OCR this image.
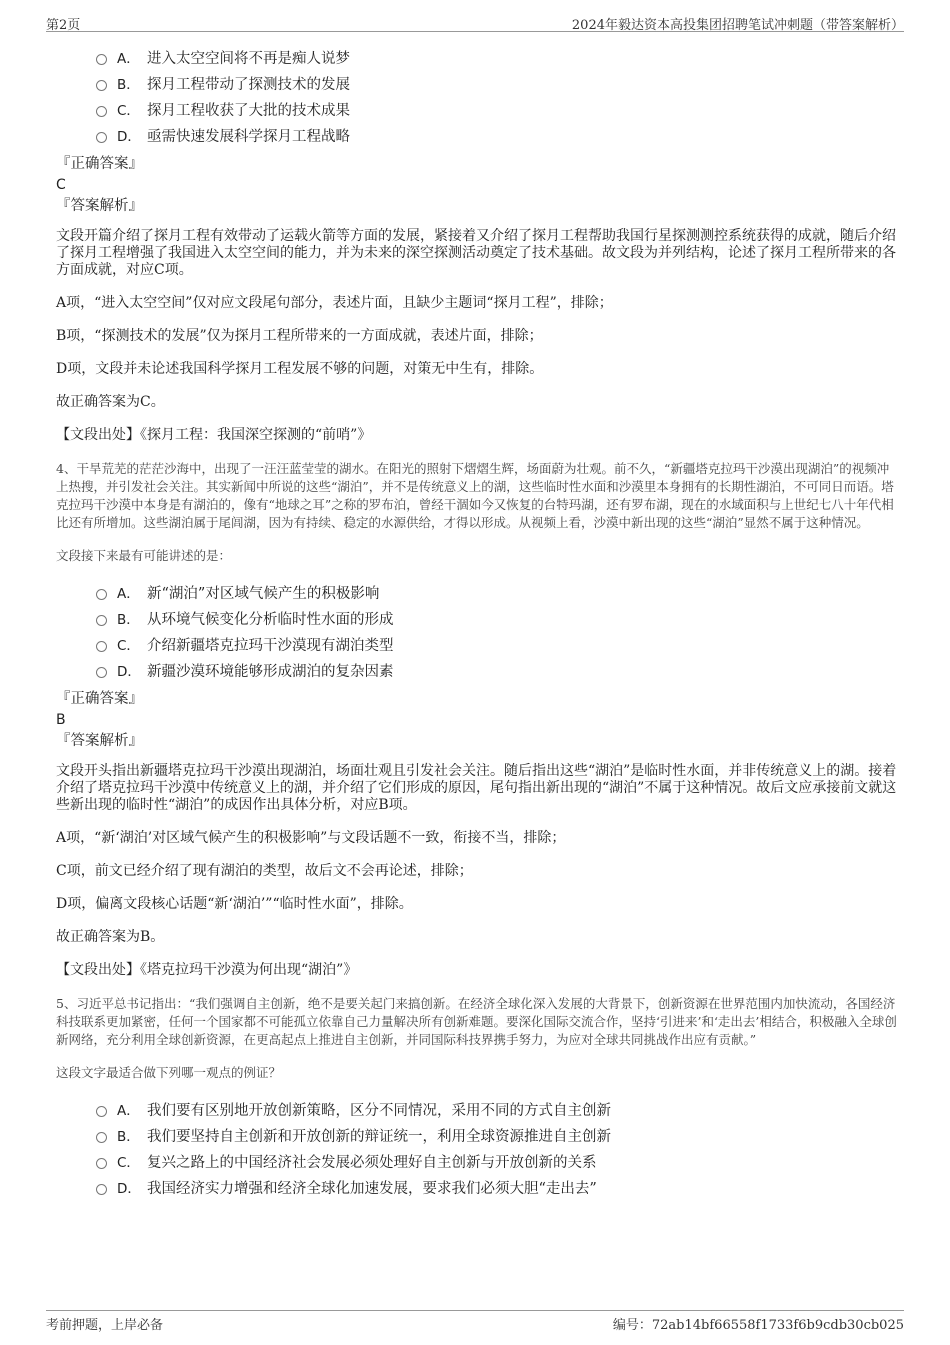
第2页	2024年毅达资本高投集团招聘笔试冲刺题（带答案解析）
A． 进入太空空间将不再是痴人说梦
B． 探月工程带动了探测技术的发展
C． 探月工程收获了大批的技术成果
D． 亟需快速发展科学探月工程战略
『正确答案』
C
『答案解析』
文段开篇介绍了探月工程有效带动了运载火箭等方面的发展，紧接着又介绍了探月工程帮助我国行星探测测控系统获得的成就，随后介绍了探月工程增强了我国进入太空空间的能力，并为未来的深空探测活动奠定了技术基础。故文段为并列结构，论述了探月工程所带来的各方面成就，对应C项。
A项，“进入太空空间”仅对应文段尾句部分，表述片面，且缺少主题词“探月工程”，排除；
B项，“探测技术的发展”仅为探月工程所带来的一方面成就，表述片面，排除；
D项，文段并未论述我国科学探月工程发展不够的问题，对策无中生有，排除。
故正确答案为C。
【文段出处】《探月工程：我国深空探测的“前哨”》
4、干旱荒芜的茫茫沙海中，出现了一汪汪蓝莹莹的湖水。在阳光的照射下熠熠生辉，场面蔚为壮观。前不久，“新疆塔克拉玛干沙漠出现湖泊”的视频冲上热搜，并引发社会关注。其实新闻中所说的这些“湖泊”，并不是传统意义上的湖，这些临时性水面和沙漠里本身拥有的长期性湖泊，不可同日而语。塔克拉玛干沙漠中本身是有湖泊的，像有“地球之耳”之称的罗布泊，曾经干涸如今又恢复的台特玛湖，还有罗布湖，现在的水域面积与上世纪七八十年代相比还有所增加。这些湖泊属于尾闾湖，因为有持续、稳定的水源供给，才得以形成。从视频上看，沙漠中新出现的这些“湖泊”显然不属于这种情况。
文段接下来最有可能讲述的是：
A． 新“湖泊”对区域气候产生的积极影响
B． 从环境气候变化分析临时性水面的形成
C． 介绍新疆塔克拉玛干沙漠现有湖泊类型
D． 新疆沙漠环境能够形成湖泊的复杂因素
『正确答案』
B
『答案解析』
文段开头指出新疆塔克拉玛干沙漠出现湖泊，场面壮观且引发社会关注。随后指出这些“湖泊”是临时性水面，并非传统意义上的湖。接着介绍了塔克拉玛干沙漠中传统意义上的湖，并介绍了它们形成的原因，尾句指出新出现的“湖泊”不属于这种情况。故后文应承接前文就这些新出现的临时性“湖泊”的成因作出具体分析，对应B项。
A项，“新‘湖泊’对区域气候产生的积极影响”与文段话题不一致，衔接不当，排除；
C项，前文已经介绍了现有湖泊的类型，故后文不会再论述，排除；
D项，偏离文段核心话题“新‘湖泊’”“临时性水面”，排除。
故正确答案为B。
【文段出处】《塔克拉玛干沙漠为何出现“湖泊”》
5、习近平总书记指出：“我们强调自主创新，绝不是要关起门来搞创新。在经济全球化深入发展的大背景下，创新资源在世界范围内加快流动，各国经济科技联系更加紧密，任何一个国家都不可能孤立依靠自己力量解决所有创新难题。要深化国际交流合作，坚持‘引进来’和‘走出去’相结合，积极融入全球创新网络，充分利用全球创新资源，在更高起点上推进自主创新，并同国际科技界携手努力，为应对全球共同挑战作出应有贡献。”
这段文字最适合做下列哪一观点的例证？
A． 我们要有区别地开放创新策略，区分不同情况，采用不同的方式自主创新
B． 我们要坚持自主创新和开放创新的辩证统一，利用全球资源推进自主创新
C． 复兴之路上的中国经济社会发展必须处理好自主创新与开放创新的关系
D． 我国经济实力增强和经济全球化加速发展，要求我们必须大胆“走出去”
考前押题，上岸必备	编号：72ab14bf66558f1733f6b9cdb30cb025
